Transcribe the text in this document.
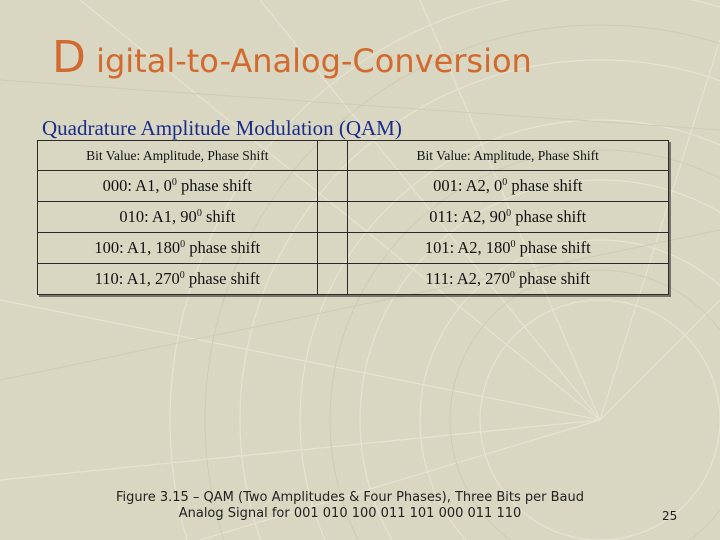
D igital-to-Analog-Conversion
Quadrature Amplitude Modulation (QAM)
Bit Value: Amplitude, Phase Shift		Bit Value: Amplitude, Phase Shift
000: A1, $0^0$ phase shift		001: A2, $0^0$ phase shift
010: A1, $90^0$ shift		011: A2, $90^0$ phase shift
100: A1, $180^0$ phase shift		101: A2, $180^0$ phase shift
110: A1, $270^0$ phase shift		111: A2, $270^0$ phase shift

Figure 3.15 – QAM (Two Amplitudes & Four Phases), Three Bits per Baud
Analog Signal for 001 010 100 011 101 000 011 110	25
